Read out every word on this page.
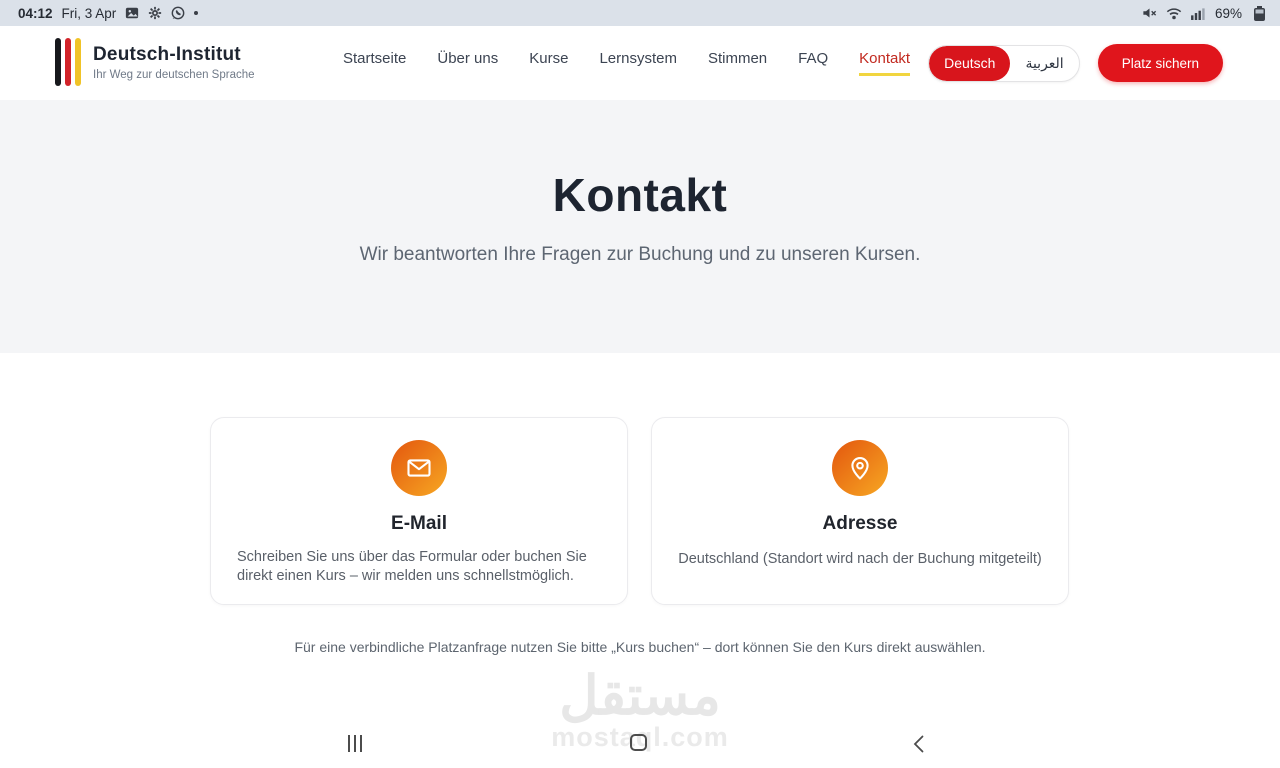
04:12 Fri, 3 Apr	69%
Deutsch-Institut
Ihr Weg zur deutschen Sprache
Startseite Über uns Kurse Lernsystem Stimmen FAQ Kontakt	Deutsch	العربية	Platz sichern
Kontakt
Wir beantworten Ihre Fragen zur Buchung und zu unseren Kursen.
E-Mail
Schreiben Sie uns über das Formular oder buchen Sie direkt einen Kurs – wir melden uns schnellstmöglich.
Adresse
Deutschland (Standort wird nach der Buchung mitgeteilt)
Für eine verbindliche Platzanfrage nutzen Sie bitte „Kurs buchen“ – dort können Sie den Kurs direkt auswählen.
مستقل
mostaql.com
